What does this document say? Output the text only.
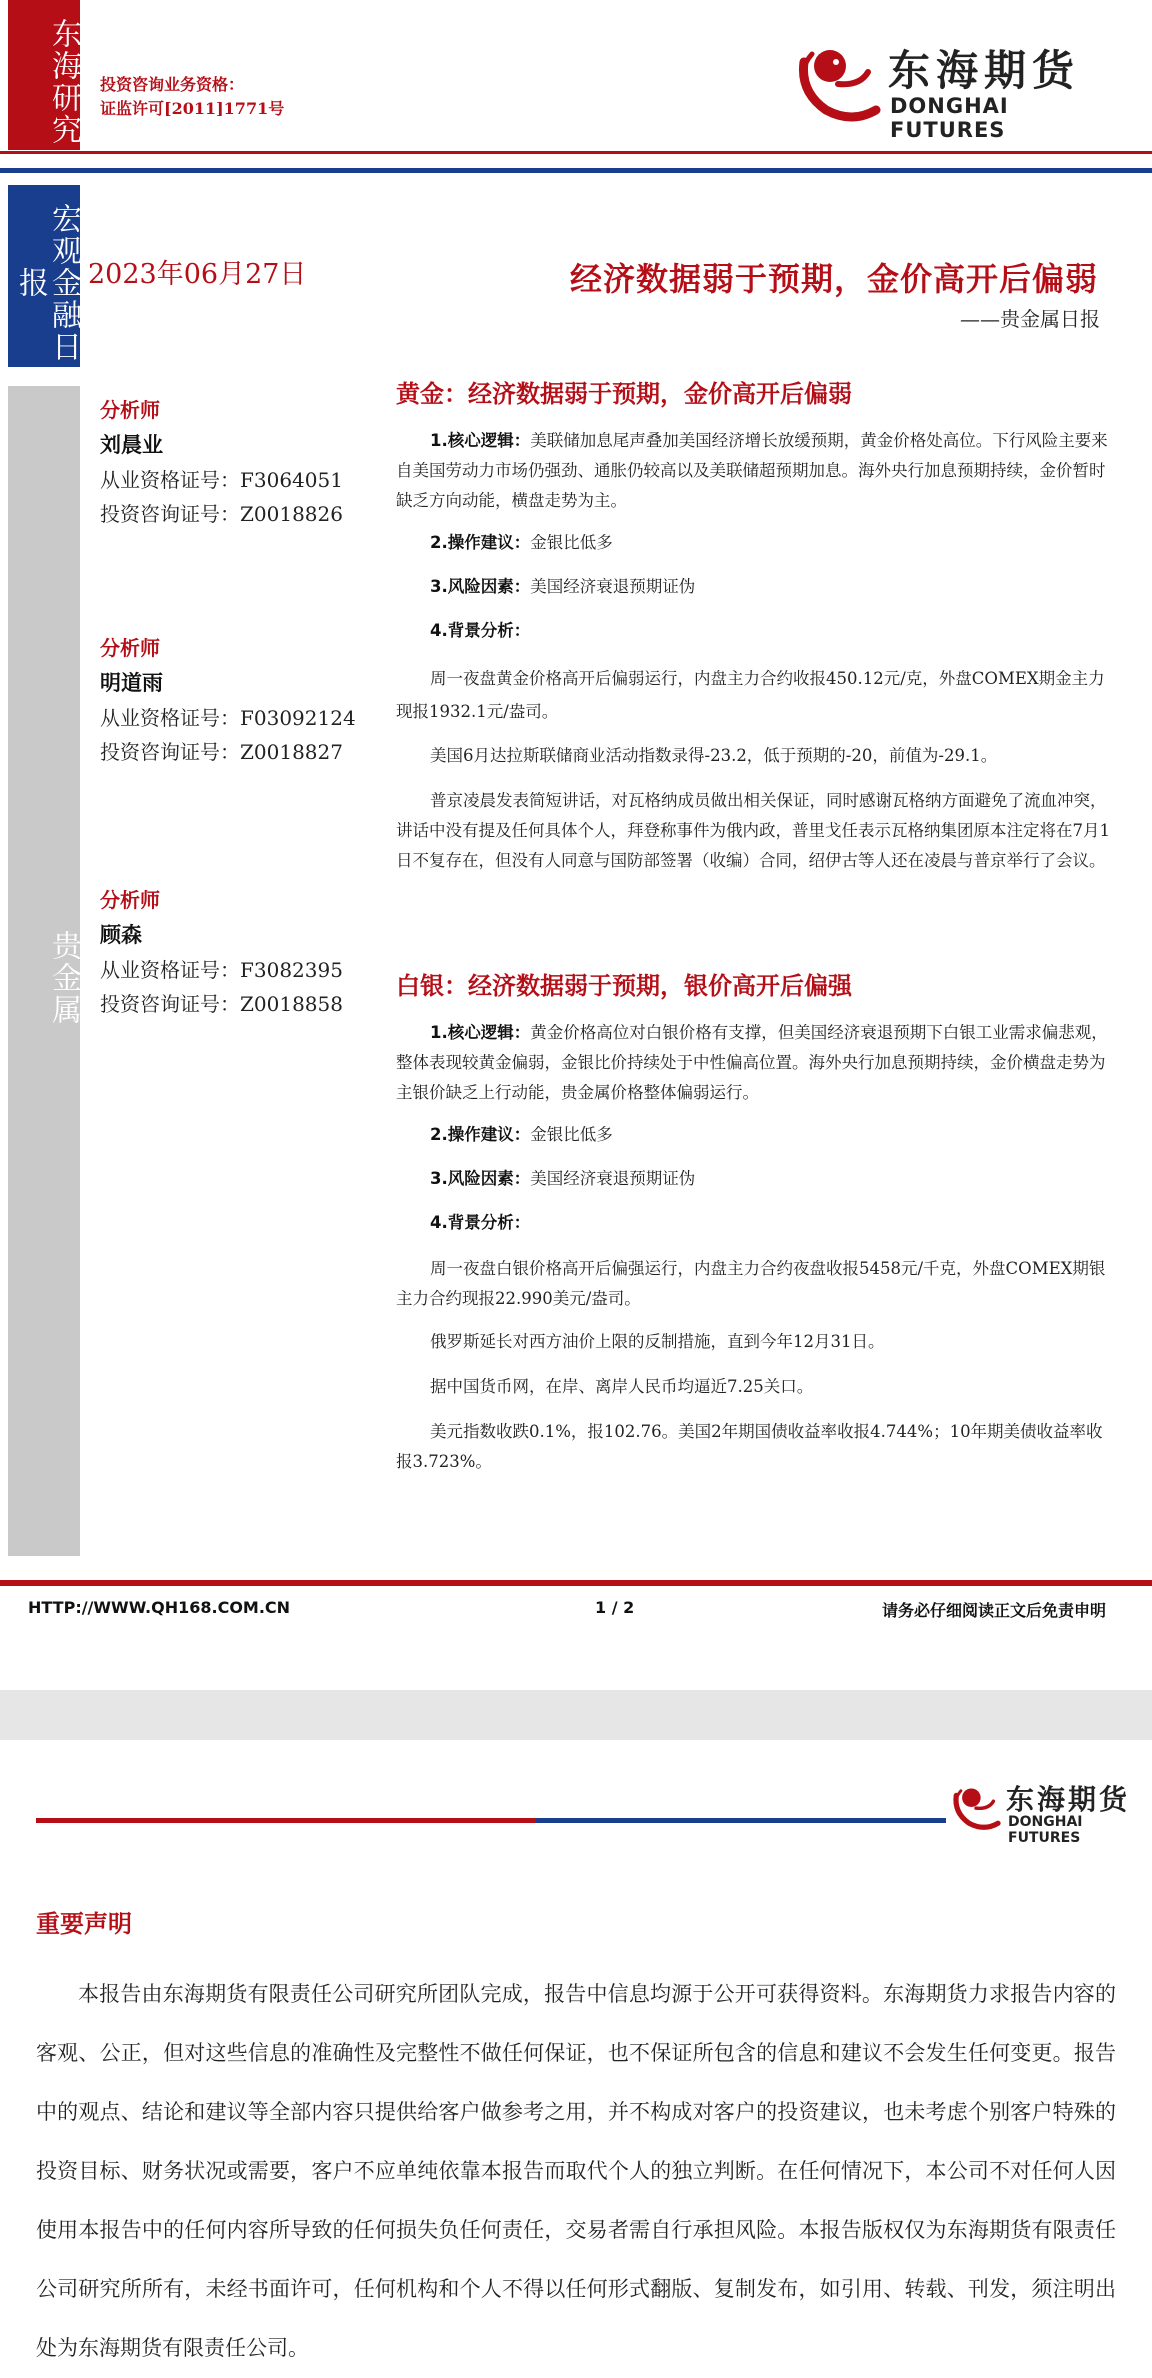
东海研究 投资咨询业务资格：
证监许可[2011]1771号
东海期货
DONGHAI FUTURES
宏观金融日报
贵金属
2023年06月27日	经济数据弱于预期，金价高开后偏弱
——贵金属日报
分析师
刘晨业
从业资格证号：F3064051
投资咨询证号：Z0018826
分析师
明道雨
从业资格证号：F03092124
投资咨询证号：Z0018827
分析师
顾森
从业资格证号：F3082395
投资咨询证号：Z0018858
黄金：经济数据弱于预期，金价高开后偏弱
1.核心逻辑：美联储加息尾声叠加美国经济增长放缓预期，黄金价格处高位。下行风险主要来自美国劳动力市场仍强劲、通胀仍较高以及美联储超预期加息。海外央行加息预期持续，金价暂时缺乏方向动能，横盘走势为主。
2.操作建议：金银比低多
3.风险因素：美国经济衰退预期证伪
4.背景分析：
周一夜盘黄金价格高开后偏弱运行，内盘主力合约收报450.12元/克，外盘COMEX期金主力现报1932.1元/盎司。
美国6月达拉斯联储商业活动指数录得-23.2，低于预期的-20，前值为-29.1。
普京凌晨发表简短讲话，对瓦格纳成员做出相关保证，同时感谢瓦格纳方面避免了流血冲突，讲话中没有提及任何具体个人，拜登称事件为俄内政，普里戈任表示瓦格纳集团原本注定将在7月1日不复存在，但没有人同意与国防部签署（收编）合同，绍伊古等人还在凌晨与普京举行了会议。
白银：经济数据弱于预期，银价高开后偏强
1.核心逻辑：黄金价格高位对白银价格有支撑，但美国经济衰退预期下白银工业需求偏悲观，整体表现较黄金偏弱，金银比价持续处于中性偏高位置。海外央行加息预期持续，金价横盘走势为主银价缺乏上行动能，贵金属价格整体偏弱运行。
2.操作建议：金银比低多
3.风险因素：美国经济衰退预期证伪
4.背景分析：
周一夜盘白银价格高开后偏强运行，内盘主力合约夜盘收报5458元/千克，外盘COMEX期银主力合约现报22.990美元/盎司。
俄罗斯延长对西方油价上限的反制措施，直到今年12月31日。
据中国货币网，在岸、离岸人民币均逼近7.25关口。
美元指数收跌0.1%，报102.76。美国2年期国债收益率收报4.744%；10年期美债收益率收报3.723%。
HTTP://WWW.QH168.COM.CN	1 / 2	请务必仔细阅读正文后免责申明
东海期货
DONGHAI FUTURES
重要声明
本报告由东海期货有限责任公司研究所团队完成，报告中信息均源于公开可获得资料。东海期货力求报告内容的客观、公正，但对这些信息的准确性及完整性不做任何保证，也不保证所包含的信息和建议不会发生任何变更。报告中的观点、结论和建议等全部内容只提供给客户做参考之用，并不构成对客户的投资建议，也未考虑个别客户特殊的投资目标、财务状况或需要，客户不应单纯依靠本报告而取代个人的独立判断。在任何情况下，本公司不对任何人因使用本报告中的任何内容所导致的任何损失负任何责任，交易者需自行承担风险。本报告版权仅为东海期货有限责任公司研究所所有，未经书面许可，任何机构和个人不得以任何形式翻版、复制发布，如引用、转载、刊发，须注明出处为东海期货有限责任公司。
